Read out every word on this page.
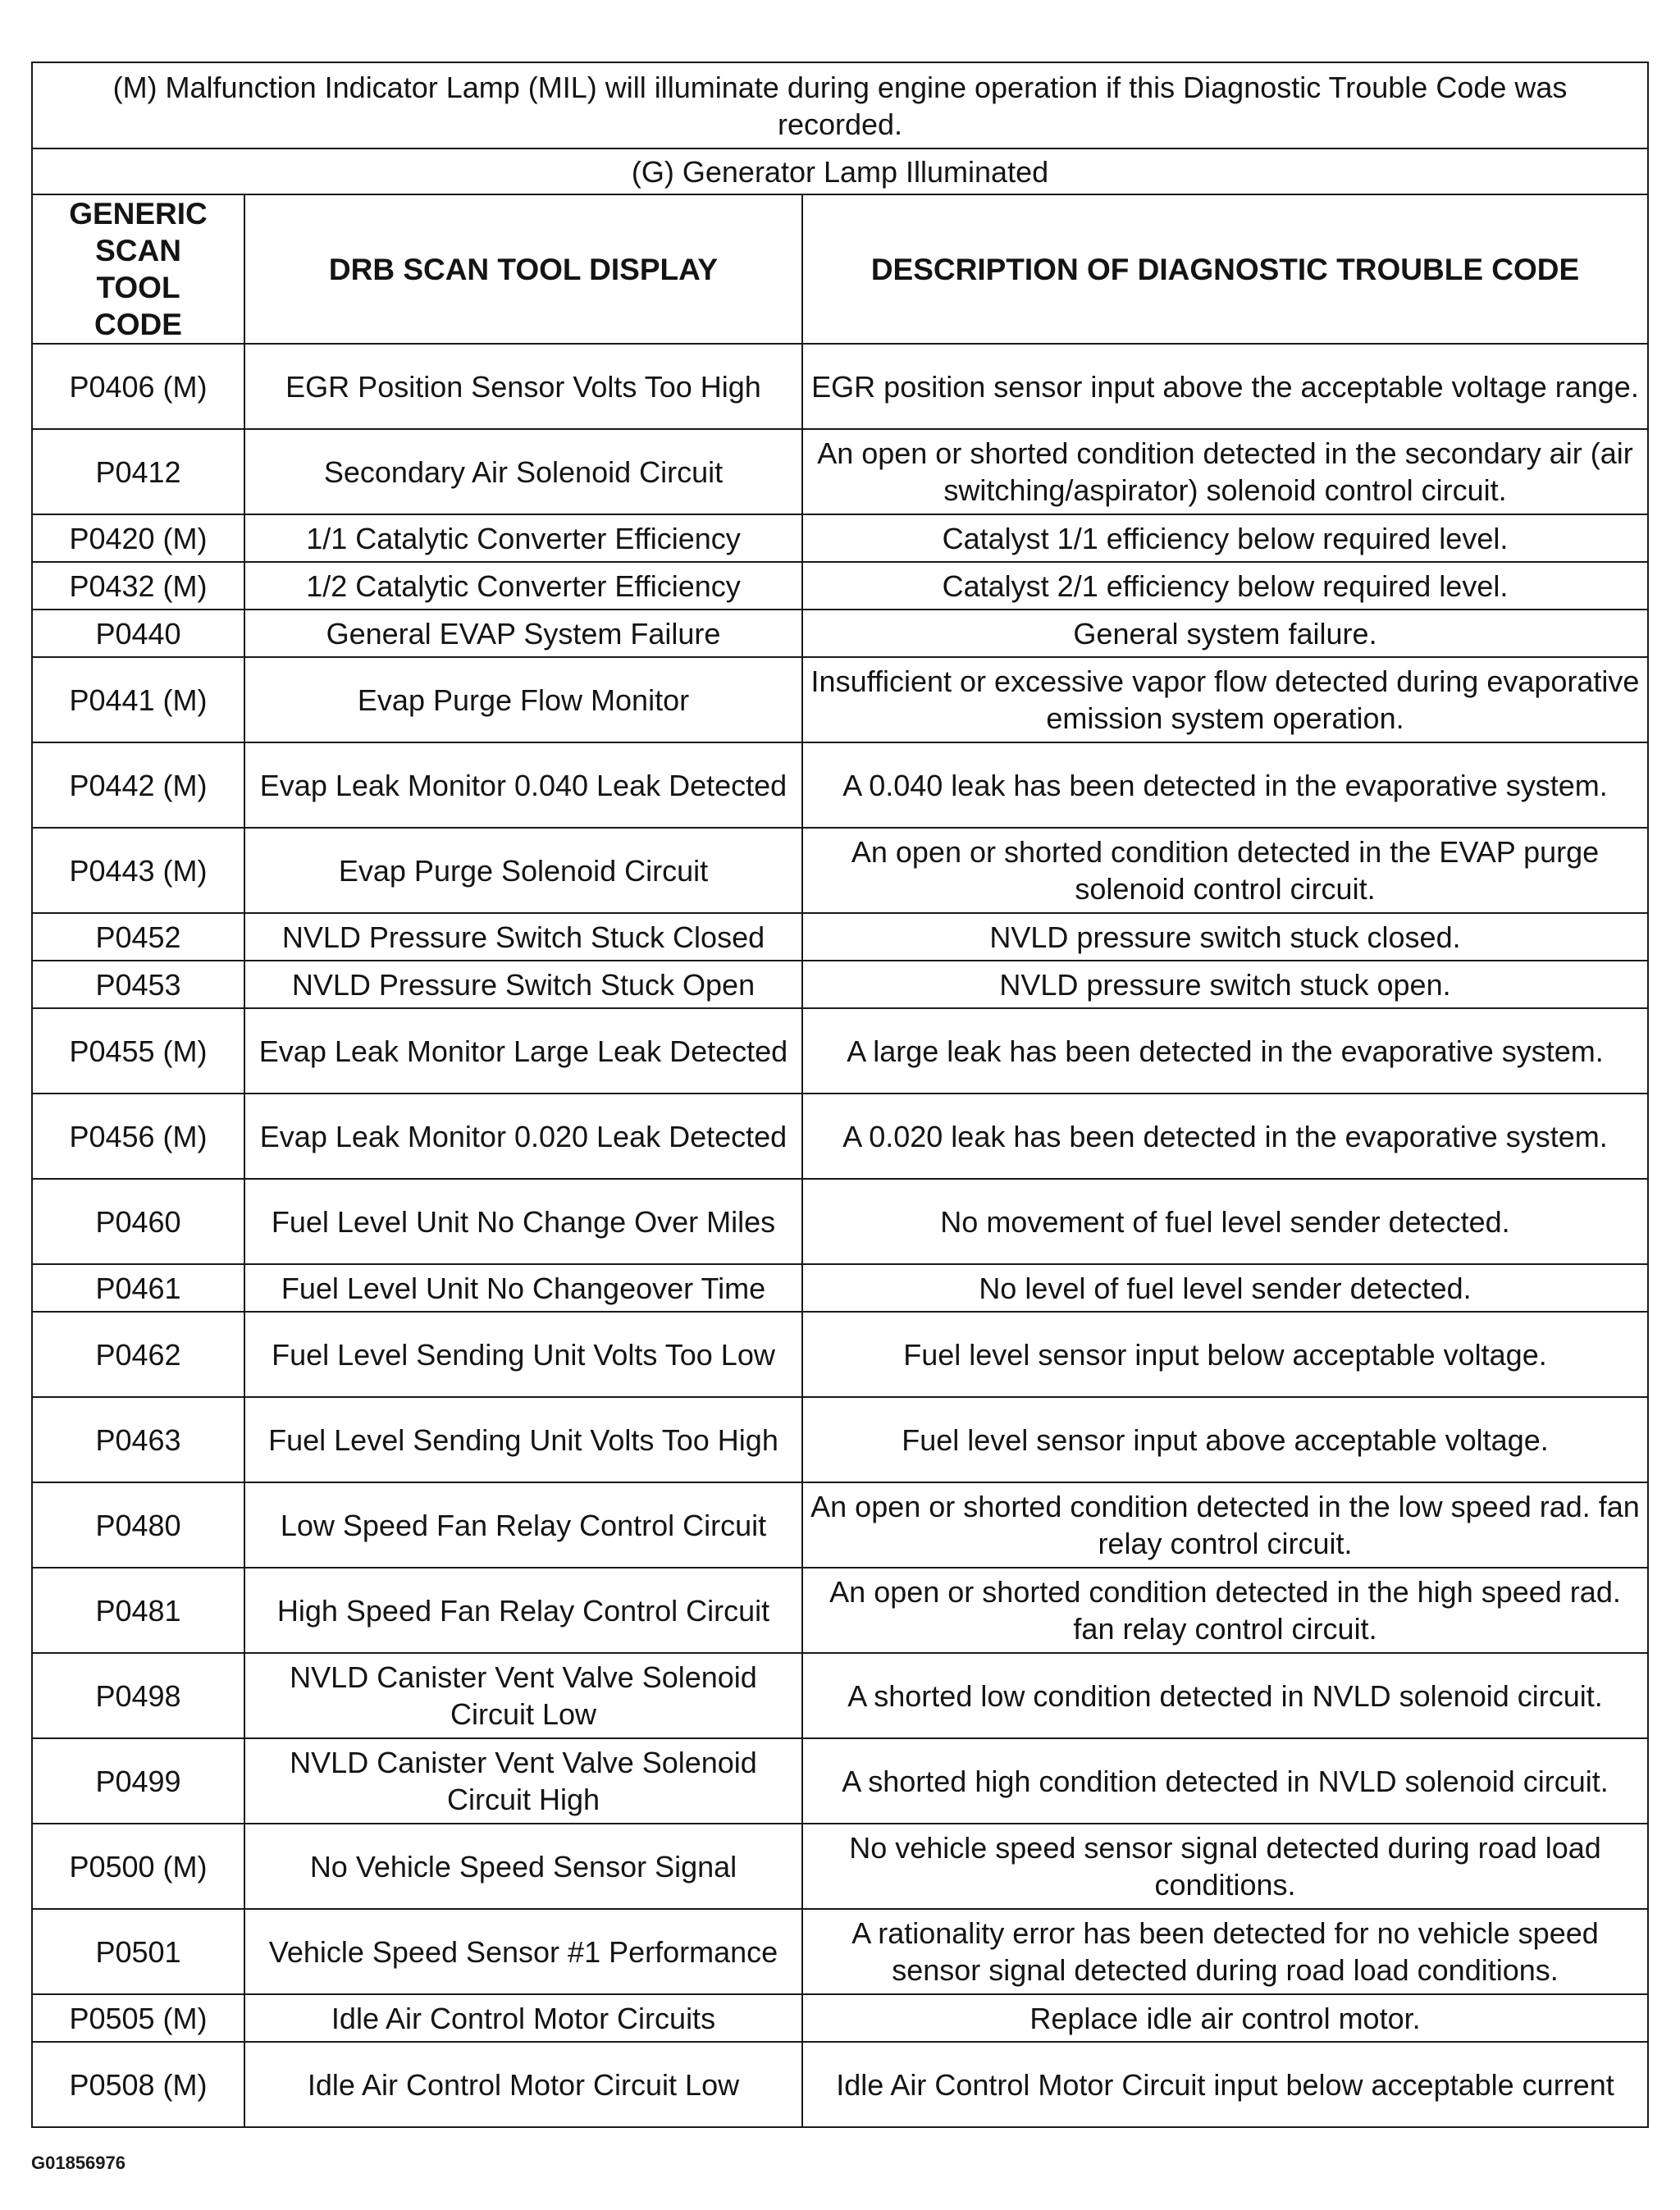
(M) Malfunction Indicator Lamp (MIL) will illuminate during engine operation if this Diagnostic Trouble Code was recorded.		
(G) Generator Lamp Illuminated		
GENERIC SCAN TOOL CODE	DRB SCAN TOOL DISPLAY	DESCRIPTION OF DIAGNOSTIC TROUBLE CODE
P0406 (M)	EGR Position Sensor Volts Too High	EGR position sensor input above the acceptable voltage range.
P0412	Secondary Air Solenoid Circuit	An open or shorted condition detected in the secondary air (air switching/aspirator) solenoid control circuit.
P0420 (M)	1/1 Catalytic Converter Efficiency	Catalyst 1/1 efficiency below required level.
P0432 (M)	1/2 Catalytic Converter Efficiency	Catalyst 2/1 efficiency below required level.
P0440	General EVAP System Failure	General system failure.
P0441 (M)	Evap Purge Flow Monitor	Insufficient or excessive vapor flow detected during evaporative emission system operation.
P0442 (M)	Evap Leak Monitor 0.040 Leak Detected	A 0.040 leak has been detected in the evaporative system.
P0443 (M)	Evap Purge Solenoid Circuit	An open or shorted condition detected in the EVAP purge solenoid control circuit.
P0452	NVLD Pressure Switch Stuck Closed	NVLD pressure switch stuck closed.
P0453	NVLD Pressure Switch Stuck Open	NVLD pressure switch stuck open.
P0455 (M)	Evap Leak Monitor Large Leak Detected	A large leak has been detected in the evaporative system.
P0456 (M)	Evap Leak Monitor 0.020 Leak Detected	A 0.020 leak has been detected in the evaporative system.
P0460	Fuel Level Unit No Change Over Miles	No movement of fuel level sender detected.
P0461	Fuel Level Unit No Changeover Time	No level of fuel level sender detected.
P0462	Fuel Level Sending Unit Volts Too Low	Fuel level sensor input below acceptable voltage.
P0463	Fuel Level Sending Unit Volts Too High	Fuel level sensor input above acceptable voltage.
P0480	Low Speed Fan Relay Control Circuit	An open or shorted condition detected in the low speed rad. fan relay control circuit.
P0481	High Speed Fan Relay Control Circuit	An open or shorted condition detected in the high speed rad. fan relay control circuit.
P0498	NVLD Canister Vent Valve Solenoid Circuit Low	A shorted low condition detected in NVLD solenoid circuit.
P0499	NVLD Canister Vent Valve Solenoid Circuit High	A shorted high condition detected in NVLD solenoid circuit.
P0500 (M)	No Vehicle Speed Sensor Signal	No vehicle speed sensor signal detected during road load conditions.
P0501	Vehicle Speed Sensor #1 Performance	A rationality error has been detected for no vehicle speed sensor signal detected during road load conditions.
P0505 (M)	Idle Air Control Motor Circuits	Replace idle air control motor.
P0508 (M)	Idle Air Control Motor Circuit Low	Idle Air Control Motor Circuit input below acceptable current
G01856976
